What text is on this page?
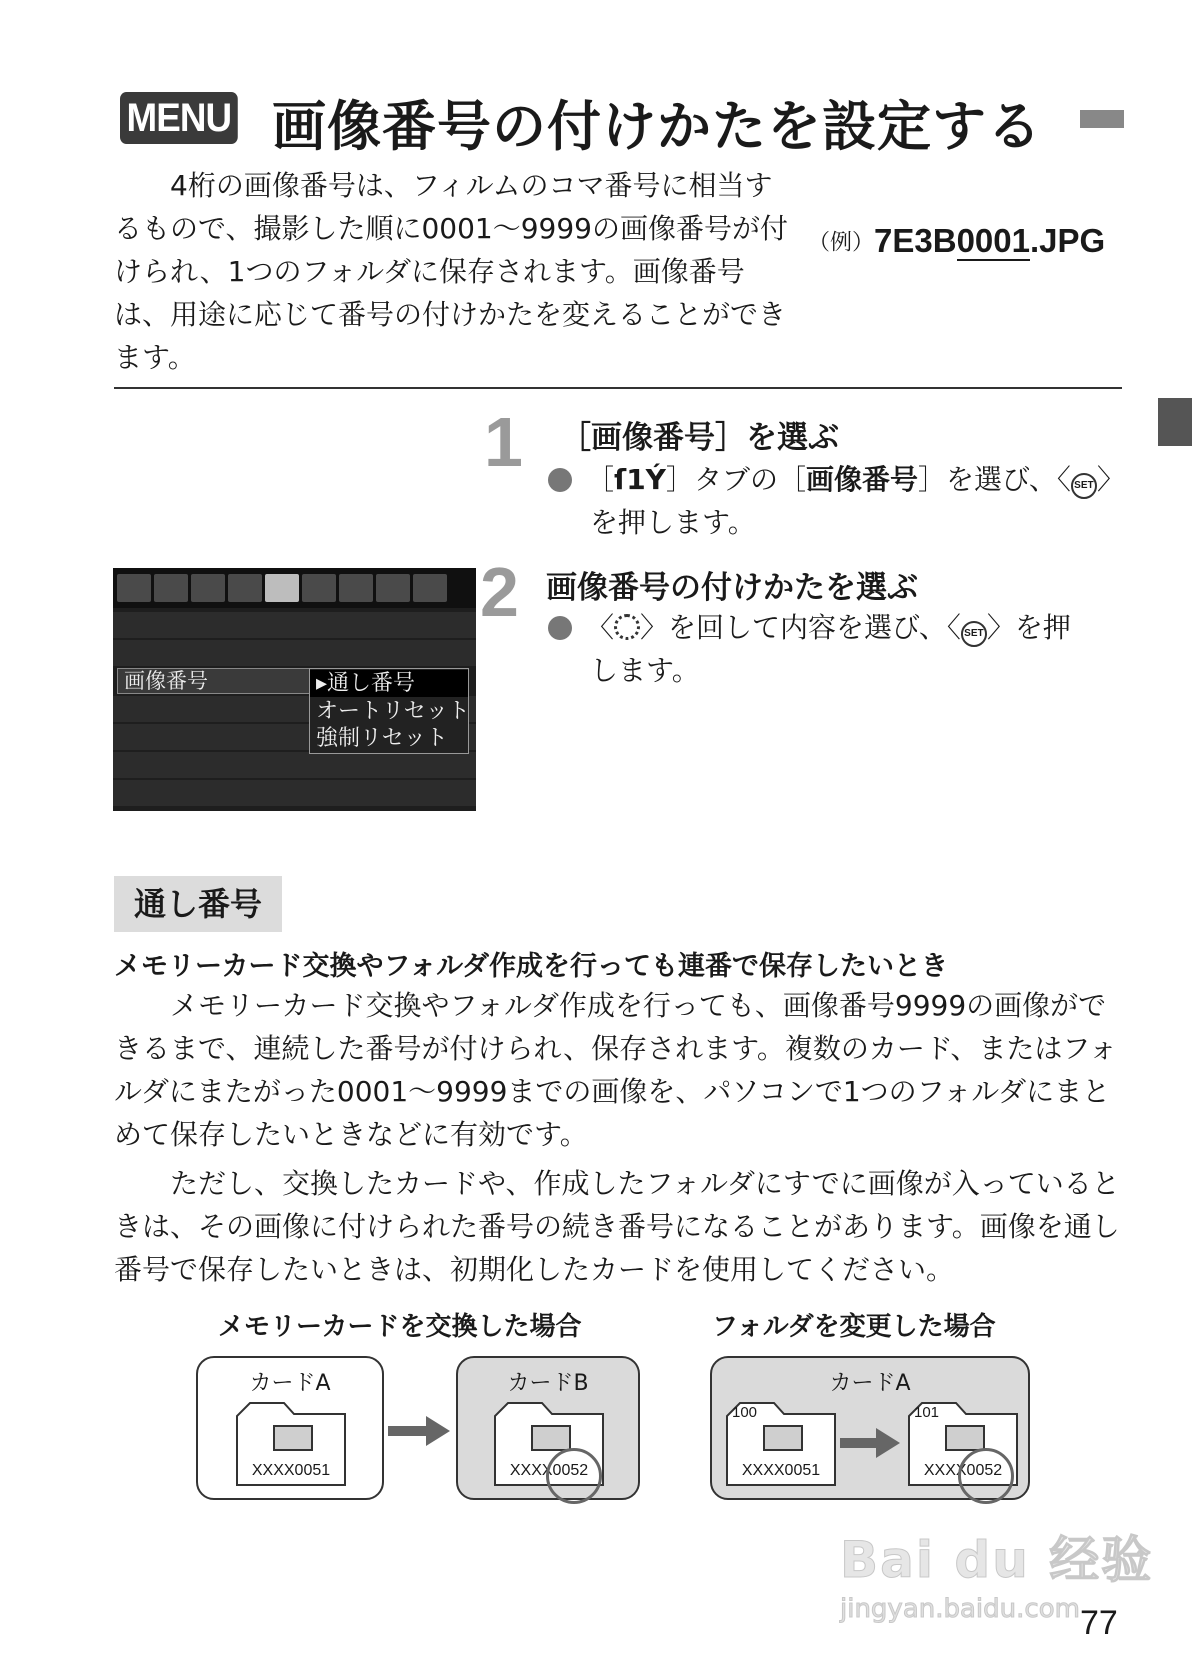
MENU 画像番号の付けかたを設定する

4桁の画像番号は、フィルムのコマ番号に相当するもので、撮影した順に0001～9999の画像番号が付けられ、1つのフォルダに保存されます。画像番号は、用途に応じて番号の付けかたを変えることができます。

（例）7E3B0001.JPG
1 ［画像番号］を選ぶ
［ſ1Ý］タブの［画像番号］を選び、〈 SET 〉
を押します。
2 画像番号の付けかたを選ぶ
〈 〉を回して内容を選び、〈 SET 〉を押
します。
画像番号	▸通し番号
オートリセット
強制リセット
通し番号
メモリーカード交換やフォルダ作成を行っても連番で保存したいとき

メモリーカード交換やフォルダ作成を行っても、画像番号9999の画像ができるまで、連続した番号が付けられ、保存されます。複数のカード、またはフォルダにまたがった0001～9999までの画像を、パソコンで1つのフォルダにまとめて保存したいときなどに有効です。

ただし、交換したカードや、作成したフォルダにすでに画像が入っているときは、その画像に付けられた番号の続き番号になることがあります。画像を通し番号で保存したいときは、初期化したカードを使用してください。

メモリーカードを交換した場合	フォルダを変更した場合
カードA
XXXX0051
カードB
XXXX0052
カードA
100
XXXX0051
101
XXXX0052
Bai du 经验
jingyan.baidu.com 77
